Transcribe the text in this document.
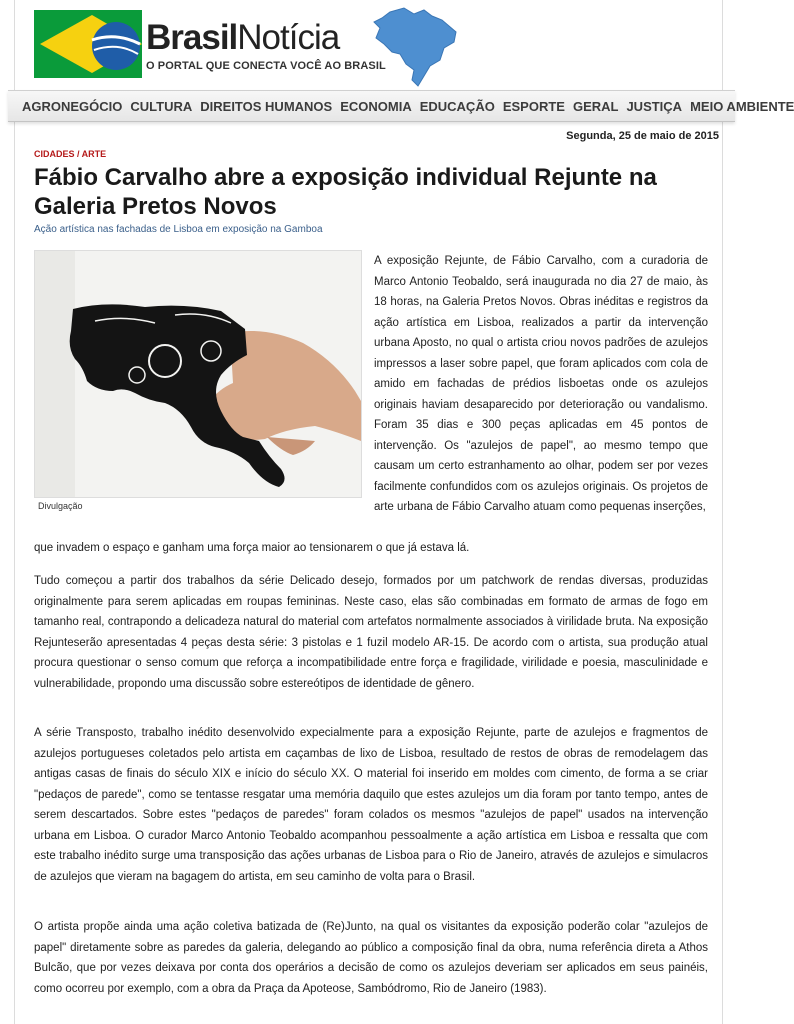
BrasilNotícia
O PORTAL QUE CONECTA VOCÊ AO BRASIL
AGRONEGÓCIO CULTURA DIREITOS HUMANOS ECONOMIA EDUCAÇÃO ESPORTE GERAL JUSTIÇA MEIO AMBIENTE
Segunda, 25 de maio de 2015
CIDADES / ARTE
Fábio Carvalho abre a exposição individual Rejunte na Galeria Pretos Novos
Ação artística nas fachadas de Lisboa em exposição na Gamboa
Divulgação

A exposição Rejunte, de Fábio Carvalho, com a curadoria de Marco Antonio Teobaldo, será inaugurada no dia 27 de maio, às 18 horas, na Galeria Pretos Novos. Obras inéditas e registros da ação artística em Lisboa, realizados a partir da intervenção urbana Aposto, no qual o artista criou novos padrões de azulejos impressos a laser sobre papel, que foram aplicados com cola de amido em fachadas de prédios lisboetas onde os azulejos originais haviam desaparecido por deterioração ou vandalismo. Foram 35 dias e 300 peças aplicadas em 45 pontos de intervenção. Os "azulejos de papel", ao mesmo tempo que causam um certo estranhamento ao olhar, podem ser por vezes facilmente confundidos com os azulejos originais. Os projetos de arte urbana de Fábio Carvalho atuam como pequenas inserções,

que invadem o espaço e ganham uma força maior ao tensionarem o que já estava lá.

Tudo começou a partir dos trabalhos da série Delicado desejo, formados por um patchwork de rendas diversas, produzidas originalmente para serem aplicadas em roupas femininas. Neste caso, elas são combinadas em formato de armas de fogo em tamanho real, contrapondo a delicadeza natural do material com artefatos normalmente associados à virilidade bruta. Na exposição Rejunteserão apresentadas 4 peças desta série: 3 pistolas e 1 fuzil modelo AR-15. De acordo com o artista, sua produção atual procura questionar o senso comum que reforça a incompatibilidade entre força e fragilidade, virilidade e poesia, masculinidade e vulnerabilidade, propondo uma discussão sobre estereótipos de identidade de gênero.

A série Transposto, trabalho inédito desenvolvido expecialmente para a exposição Rejunte, parte de azulejos e fragmentos de azulejos portugueses coletados pelo artista em caçambas de lixo de Lisboa, resultado de restos de obras de remodelagem das antigas casas de finais do século XIX e início do século XX. O material foi inserido em moldes com cimento, de forma a se criar "pedaços de parede", como se tentasse resgatar uma memória daquilo que estes azulejos um dia foram por tanto tempo, antes de serem descartados. Sobre estes "pedaços de paredes" foram colados os mesmos "azulejos de papel" usados na intervenção urbana em Lisboa. O curador Marco Antonio Teobaldo acompanhou pessoalmente a ação artística em Lisboa e ressalta que com este trabalho inédito surge uma transposição das ações urbanas de Lisboa para o Rio de Janeiro, através de azulejos e simulacros de azulejos que vieram na bagagem do artista, em seu caminho de volta para o Brasil.

O artista propõe ainda uma ação coletiva batizada de (Re)Junto, na qual os visitantes da exposição poderão colar "azulejos de papel" diretamente sobre as paredes da galeria, delegando ao público a composição final da obra, numa referência direta a Athos Bulcão, que por vezes deixava por conta dos operários a decisão de como os azulejos deveriam ser aplicados em seus painéis, como ocorreu por exemplo, com a obra da Praça da Apoteose, Sambódromo, Rio de Janeiro (1983).
